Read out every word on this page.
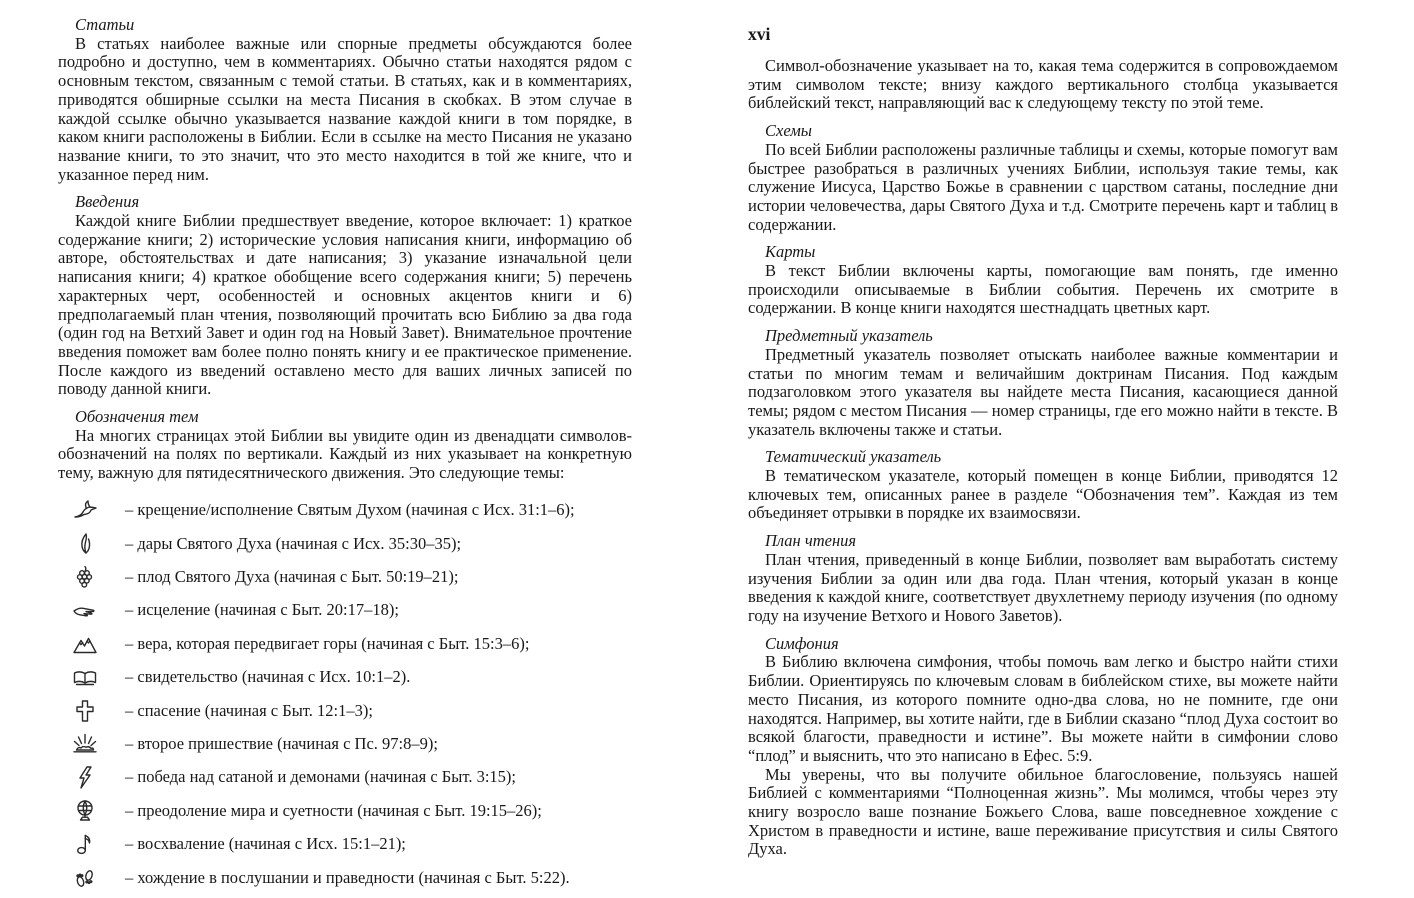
Статьи

В статьях наиболее важные или спорные предметы обсуждаются более подробно и доступно, чем в комментариях. Обычно статьи находятся рядом с основным текстом, связанным с темой статьи. В статьях, как и в комментариях, приводятся обширные ссылки на места Писания в скобках. В этом случае в каждой ссылке обычно указывается название каждой книги в том порядке, в каком книги расположены в Библии. Если в ссылке на место Писания не указано название книги, то это значит, что это место находится в той же книге, что и указанное перед ним.

Введения

Каждой книге Библии предшествует введение, которое включает: 1) краткое содержание книги; 2) исторические условия написания книги, информацию об авторе, обстоятельствах и дате написания; 3) указание изначальной цели написания книги; 4) краткое обобщение всего содержания книги; 5) перечень характерных черт, особенностей и основных акцентов книги и 6) предполагаемый план чтения, позволяющий прочитать всю Библию за два года (один год на Ветхий Завет и один год на Новый Завет). Внимательное прочтение введения поможет вам более полно понять книгу и ее практическое применение. После каждого из введений оставлено место для ваших личных записей по поводу данной книги.

Обозначения тем

На многих страницах этой Библии вы увидите один из двенадцати символов-обозначений на полях по вертикали. Каждый из них указывает на конкретную тему, важную для пятидесятнического движения. Это следующие темы:

– крещение/исполнение Святым Духом (начиная с Исх. 31:1–6);
– дары Святого Духа (начиная с Исх. 35:30–35);
– плод Святого Духа (начиная с Быт. 50:19–21);
– исцеление (начиная с Быт. 20:17–18);
– вера, которая передвигает горы (начиная с Быт. 15:3–6);
– свидетельство (начиная с Исх. 10:1–2).
– спасение (начиная с Быт. 12:1–3);
– второе пришествие (начиная с Пс. 97:8–9);
– победа над сатаной и демонами (начиная с Быт. 3:15);
– преодоление мира и суетности (начиная с Быт. 19:15–26);
– восхваление (начиная с Исх. 15:1–21);
– хождение в послушании и праведности (начиная с Быт. 5:22).
xvi

Символ-обозначение указывает на то, какая тема содержится в сопровождаемом этим символом тексте; внизу каждого вертикального столбца указывается библейский текст, направляющий вас к следующему тексту по этой теме.

Схемы

По всей Библии расположены различные таблицы и схемы, которые помогут вам быстрее разобраться в различных учениях Библии, используя такие темы, как служение Иисуса, Царство Божье в сравнении с царством сатаны, последние дни истории человечества, дары Святого Духа и т.д. Смотрите перечень карт и таблиц в содержании.

Карты

В текст Библии включены карты, помогающие вам понять, где именно происходили описываемые в Библии события. Перечень их смотрите в содержании. В конце книги находятся шестнадцать цветных карт.

Предметный указатель

Предметный указатель позволяет отыскать наиболее важные комментарии и статьи по многим темам и величайшим доктринам Писания. Под каждым подзаголовком этого указателя вы найдете места Писания, касающиеся данной темы; рядом с местом Писания — номер страницы, где его можно найти в тексте. В указатель включены также и статьи.

Тематический указатель

В тематическом указателе, который помещен в конце Библии, приводятся 12 ключевых тем, описанных ранее в разделе “Обозначения тем”. Каждая из тем объединяет отрывки в порядке их взаимосвязи.

План чтения

План чтения, приведенный в конце Библии, позволяет вам выработать систему изучения Библии за один или два года. План чтения, который указан в конце введения к каждой книге, соответствует двухлетнему периоду изучения (по одному году на изучение Ветхого и Нового Заветов).

Симфония

В Библию включена симфония, чтобы помочь вам легко и быстро найти стихи Библии. Ориентируясь по ключевым словам в библейском стихе, вы можете найти место Писания, из которого помните одно-два слова, но не помните, где они находятся. Например, вы хотите найти, где в Библии сказано “плод Духа состоит во всякой благости, праведности и истине”. Вы можете найти в симфонии слово “плод” и выяснить, что это написано в Ефес. 5:9.

Мы уверены, что вы получите обильное благословение, пользуясь нашей Библией с комментариями “Полноценная жизнь”. Мы молимся, чтобы через эту книгу возросло ваше познание Божьего Слова, ваше повседневное хождение с Христом в праведности и истине, ваше переживание присутствия и силы Святого Духа.
